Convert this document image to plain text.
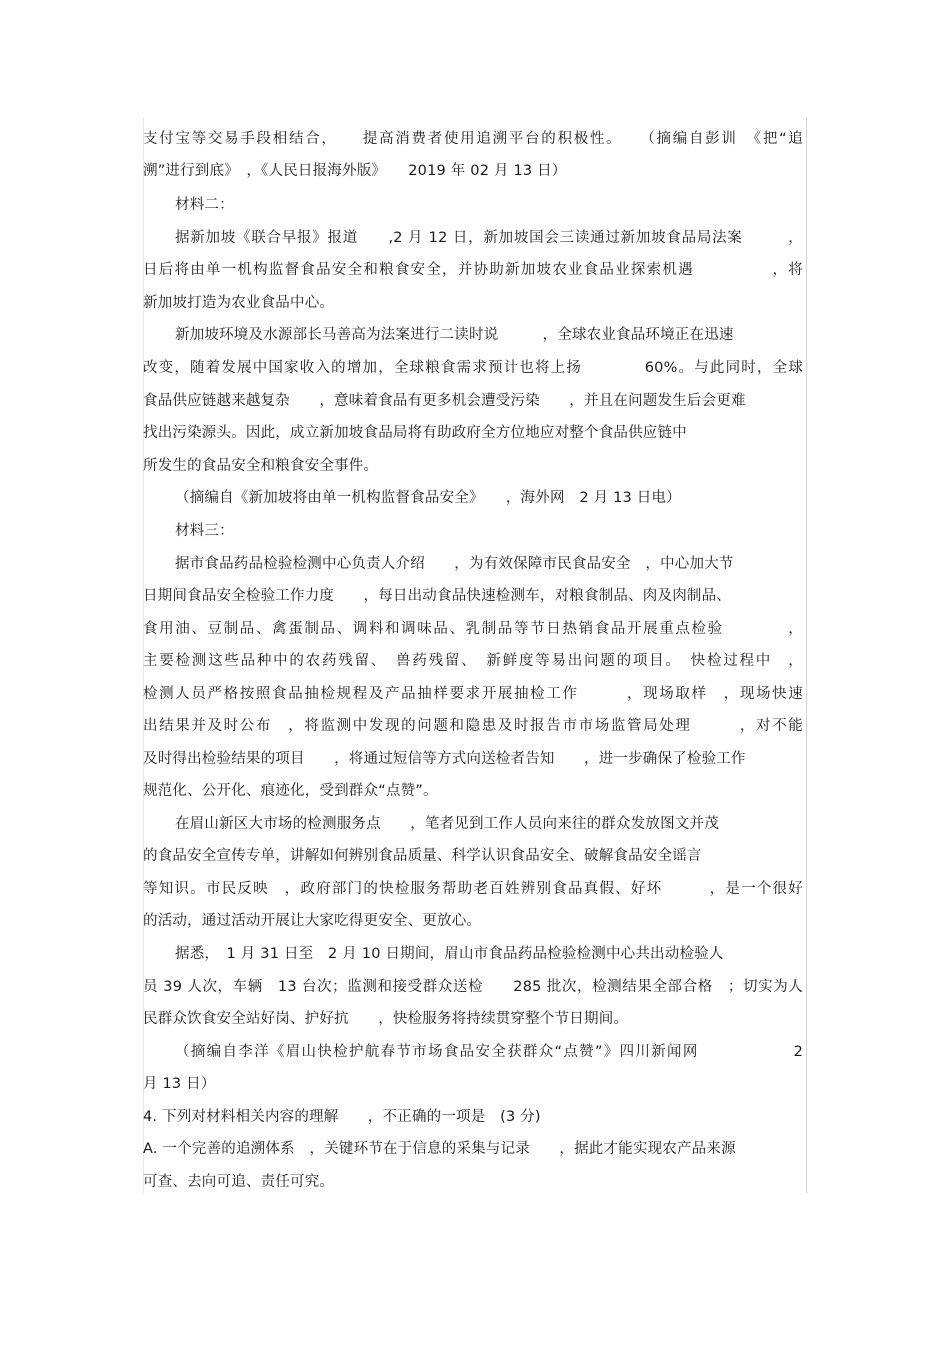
支付宝等交易手段相结合，　　提高消费者使用追溯平台的积极性。　　（摘编自彭训　《把“追
溯”进行到底》　，《人民日报海外版》　　2019 年 02 月 13 日）
材料二：
据新加坡《联合早报》报道　　,2 月 12 日，新加坡国会三读通过新加坡食品局法案　　　，
日后将由单一机构监督食品安全和粮食安全，并协助新加坡农业食品业探索机遇　　　　　，将
新加坡打造为农业食品中心。
新加坡环境及水源部长马善高为法案进行二读时说　　　，全球农业食品环境正在迅速
改变，随着发展中国家收入的增加，全球粮食需求预计也将上扬　　　　60%。与此同时，全球
食品供应链越来越复杂　　，意味着食品有更多机会遭受污染　　，并且在问题发生后会更难
找出污染源头。因此，成立新加坡食品局将有助政府全方位地应对整个食品供应链中
所发生的食品安全和粮食安全事件。
（摘编自《新加坡将由单一机构监督食品安全》　　，海外网　2 月 13 日电）
材料三：
据市食品药品检验检测中心负责人介绍　　，为有效保障市民食品安全　，中心加大节
日期间食品安全检验工作力度　　，每日出动食品快速检测车，对粮食制品、肉及肉制品、
食用油、豆制品、禽蛋制品、调料和调味品、乳制品等节日热销食品开展重点检验　　　　，
主要检测这些品种中的农药残留、　兽药残留、　新鲜度等易出问题的项目。　快检过程中　，
检测人员严格按照食品抽检规程及产品抽样要求开展抽检工作　　　，现场取样　，现场快速
出结果并及时公布　，将监测中发现的问题和隐患及时报告市市场监管局处理　　　，对不能
及时得出检验结果的项目　　，将通过短信等方式向送检者告知　　，进一步确保了检验工作
规范化、公开化、痕迹化，受到群众“点赞”。
在眉山新区大市场的检测服务点　　，笔者见到工作人员向来往的群众发放图文并茂
的食品安全宣传专单，讲解如何辨别食品质量、科学认识食品安全、破解食品安全谣言
等知识。市民反映　，政府部门的快检服务帮助老百姓辨别食品真假、好坏　　　，是一个很好
的活动，通过活动开展让大家吃得更安全、更放心。
据悉，　1 月 31 日至　2 月 10 日期间，眉山市食品药品检验检测中心共出动检验人
员 39 人次，车辆　13 台次；监测和接受群众送检　　285 批次，检测结果全部合格　；切实为人
民群众饮食安全站好岗、护好抗　　，快检服务将持续贯穿整个节日期间。
（摘编自李洋《眉山快检护航春节市场食品安全获群众“点赞”》四川新闻网　　　　　　2
月 13 日）
4. 下列对材料相关内容的理解　　，不正确的一项是　(3 分)
A. 一个完善的追溯体系　，关键环节在于信息的采集与记录　　，据此才能实现农产品来源
可查、去向可追、责任可究。
